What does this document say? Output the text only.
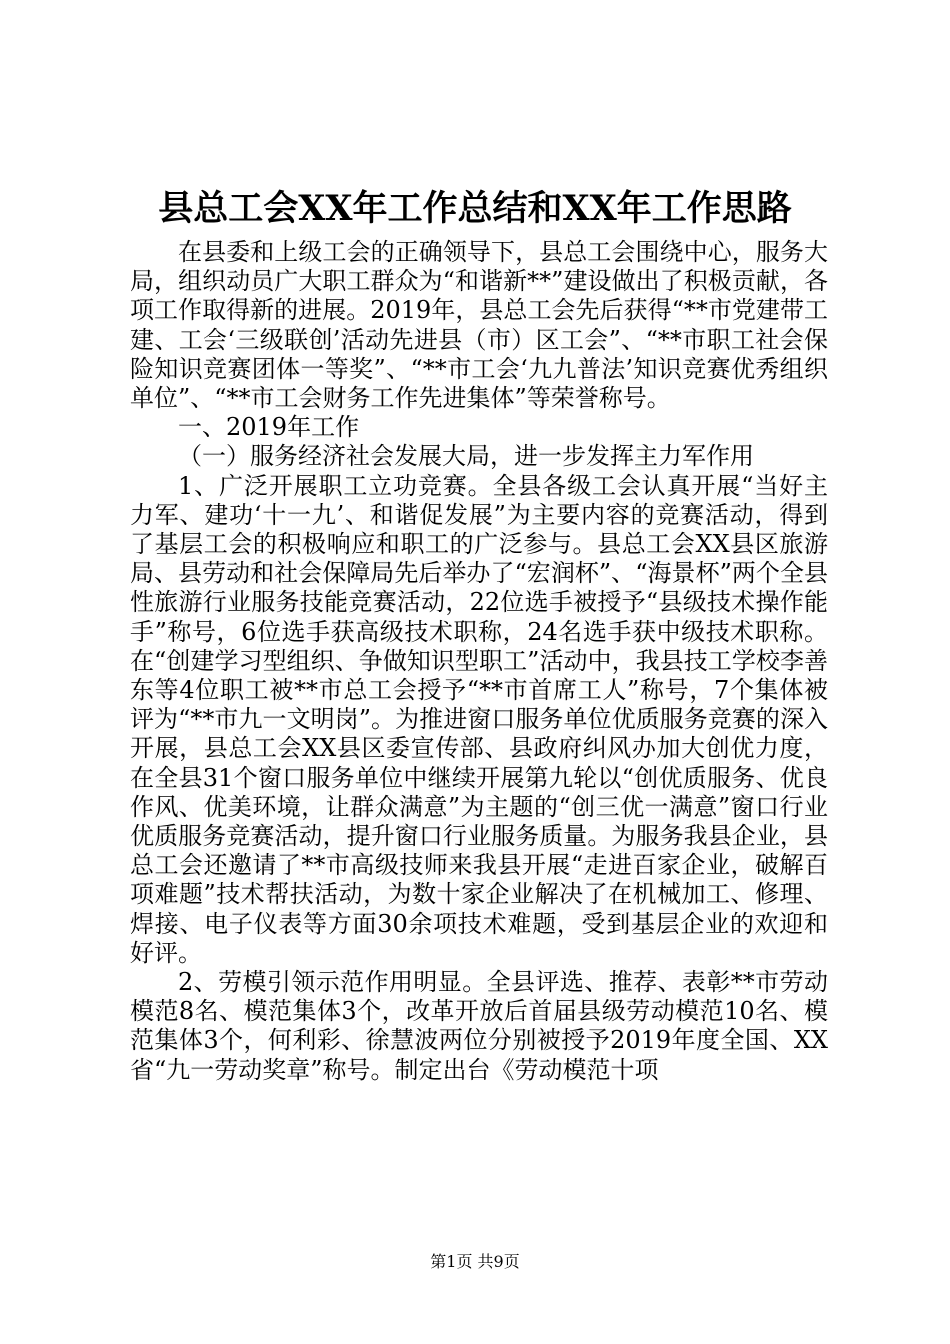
县总工会XX年工作总结和XX年工作思路

在县委和上级工会的正确领导下，县总工会围绕中心，服务大局，组织动员广大职工群众为“和谐新**”建设做出了积极贡献，各项工作取得新的进展。2019年，县总工会先后获得“**市党建带工建、工会‘三级联创’活动先进县（市）区工会”、“**市职工社会保险知识竞赛团体一等奖”、“**市工会‘九九普法’知识竞赛优秀组织单位”、“**市工会财务工作先进集体”等荣誉称号。

一、2019年工作

（一）服务经济社会发展大局，进一步发挥主力军作用

1、广泛开展职工立功竞赛。全县各级工会认真开展“当好主力军、建功‘十一九’、和谐促发展”为主要内容的竞赛活动，得到了基层工会的积极响应和职工的广泛参与。县总工会XX县区旅游局、县劳动和社会保障局先后举办了“宏润杯”、“海景杯”两个全县性旅游行业服务技能竞赛活动，22位选手被授予“县级技术操作能手”称号，6位选手获高级技术职称，24名选手获中级技术职称。在“创建学习型组织、争做知识型职工”活动中，我县技工学校李善东等4位职工被**市总工会授予“**市首席工人”称号，7个集体被评为“**市九一文明岗”。为推进窗口服务单位优质服务竞赛的深入开展，县总工会XX县区委宣传部、县政府纠风办加大创优力度，在全县31个窗口服务单位中继续开展第九轮以“创优质服务、优良作风、优美环境，让群众满意”为主题的“创三优一满意”窗口行业优质服务竞赛活动，提升窗口行业服务质量。为服务我县企业，县总工会还邀请了**市高级技师来我县开展“走进百家企业，破解百项难题”技术帮扶活动，为数十家企业解决了在机械加工、修理、焊接、电子仪表等方面30余项技术难题，受到基层企业的欢迎和好评。

2、劳模引领示范作用明显。全县评选、推荐、表彰**市劳动模范8名、模范集体3个，改革开放后首届县级劳动模范10名、模范集体3个，何利彩、徐慧波两位分别被授予2019年度全国、XX省“九一劳动奖章”称号。制定出台《劳动模范十项

第1页 共9页
